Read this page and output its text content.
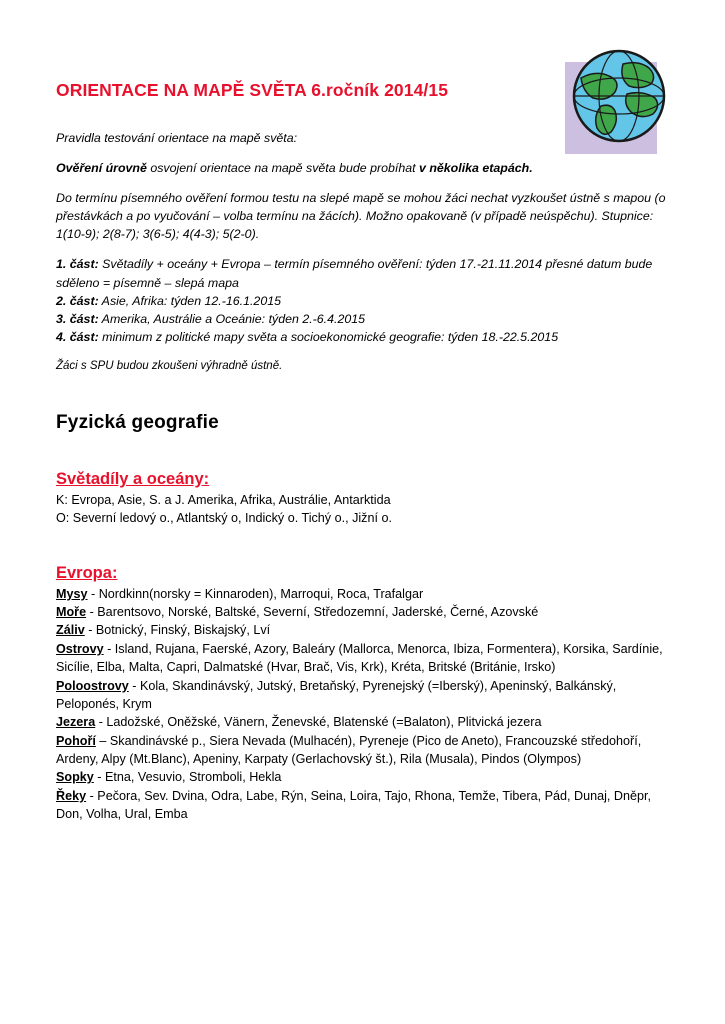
ORIENTACE NA MAPĚ SVĚTA 6.ročník 2014/15

Pravidla testování orientace na mapě světa:

Ověření úrovně osvojení orientace na mapě světa bude probíhat v několika etapách.

Do termínu písemného ověření formou testu na slepé mapě se mohou žáci nechat vyzkoušet ústně s mapou (o přestávkách a po vyučování – volba termínu na žácích). Možno opakovaně (v případě neúspěchu). Stupnice: 1(10-9); 2(8-7); 3(6-5); 4(4-3); 5(2-0).

1. část: Světadíly + oceány + Evropa – termín písemného ověření: týden 17.-21.11.2014 přesné datum bude sděleno = písemně – slepá mapa

2. část: Asie, Afrika: týden 12.-16.1.2015

3. část: Amerika, Austrálie a Oceánie: týden 2.-6.4.2015

4. část: minimum z politické mapy světa a socioekonomické geografie: týden 18.-22.5.2015

Žáci s SPU budou zkoušeni výhradně ústně.

Fyzická geografie
Světadíly a oceány:

K: Evropa, Asie, S. a J. Amerika, Afrika, Austrálie, Antarktida

O: Severní ledový o., Atlantský o, Indický o. Tichý o., Jižní o.

Evropa:

Mysy - Nordkinn(norsky = Kinnaroden), Marroqui, Roca, Trafalgar

Moře - Barentsovo, Norské, Baltské, Severní, Středozemní, Jaderské, Černé, Azovské

Záliv - Botnický, Finský, Biskajský, Lví

Ostrovy - Island, Rujana, Faerské, Azory, Baleáry (Mallorca, Menorca, Ibiza, Formentera), Korsika, Sardínie, Sicílie, Elba, Malta, Capri, Dalmatské (Hvar, Brač, Vis, Krk), Kréta, Britské (Británie, Irsko)

Poloostrovy - Kola, Skandinávský, Jutský, Bretaňský, Pyrenejský (=Iberský), Apeninský, Balkánský, Peloponés, Krym

Jezera - Ladožské, Oněžské, Vänern, Ženevské, Blatenské (=Balaton), Plitvická jezera

Pohoří – Skandinávské p., Siera Nevada (Mulhacén), Pyreneje (Pico de Aneto), Francouzské středohoří, Ardeny, Alpy (Mt.Blanc), Apeniny, Karpaty (Gerlachovský št.), Rila (Musala), Pindos (Olympos)

Sopky - Etna, Vesuvio, Stromboli, Hekla

Řeky - Pečora, Sev. Dvina, Odra, Labe, Rýn, Seina, Loira, Tajo, Rhona, Temže, Tibera, Pád, Dunaj, Dněpr, Don, Volha, Ural, Emba
